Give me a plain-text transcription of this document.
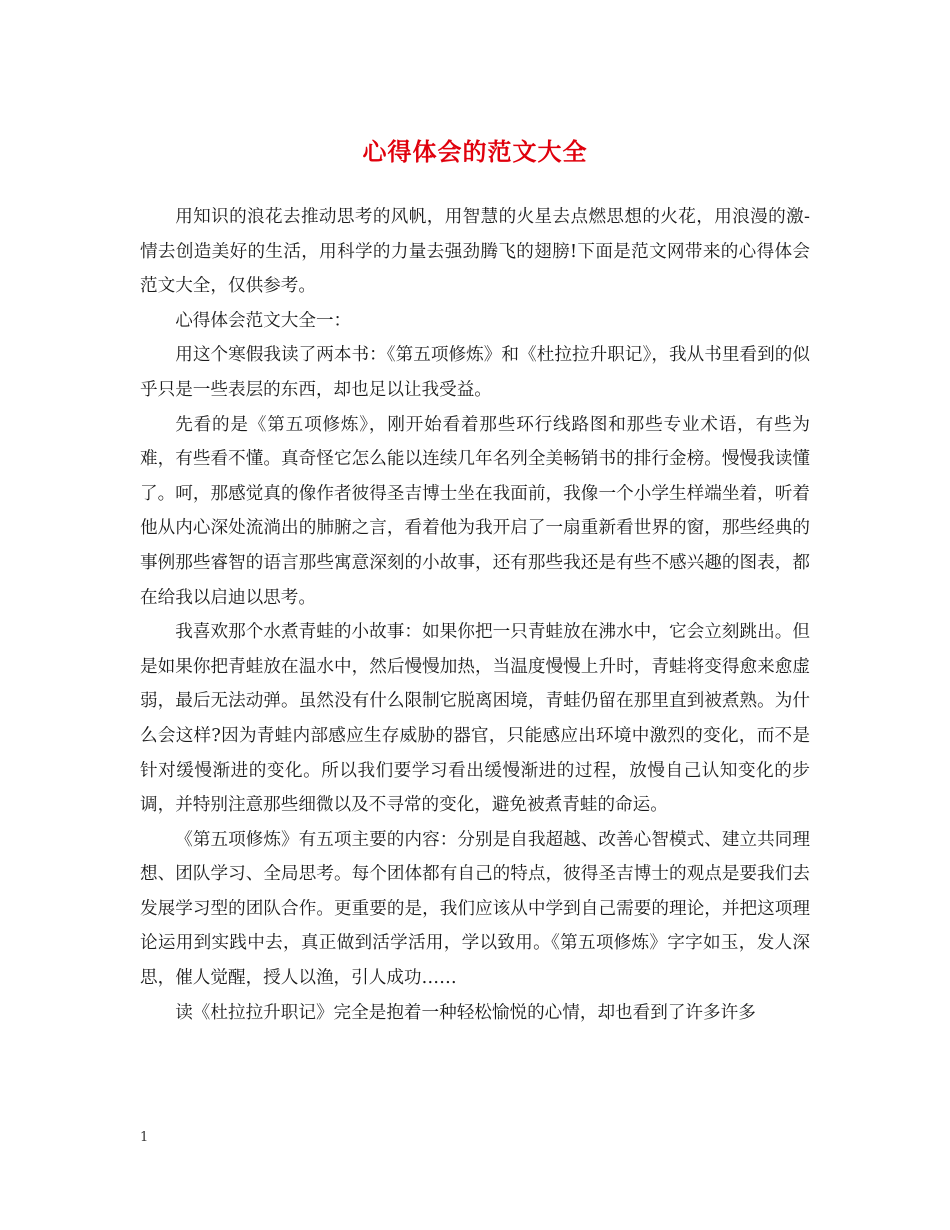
心得体会的范文大全

用知识的浪花去推动思考的风帆，用智慧的火星去点燃思想的火花，用浪漫的激-情去创造美好的生活，用科学的力量去强劲腾飞的翅膀!下面是范文网带来的心得体会范文大全，仅供参考。

心得体会范文大全一：

用这个寒假我读了两本书：《第五项修炼》和《杜拉拉升职记》，我从书里看到的似乎只是一些表层的东西，却也足以让我受益。

先看的是《第五项修炼》，刚开始看着那些环行线路图和那些专业术语，有些为难，有些看不懂。真奇怪它怎么能以连续几年名列全美畅销书的排行金榜。慢慢我读懂了。呵，那感觉真的像作者彼得圣吉博士坐在我面前，我像一个小学生样端坐着，听着他从内心深处流淌出的肺腑之言，看着他为我开启了一扇重新看世界的窗，那些经典的事例那些睿智的语言那些寓意深刻的小故事，还有那些我还是有些不感兴趣的图表，都在给我以启迪以思考。

我喜欢那个水煮青蛙的小故事：如果你把一只青蛙放在沸水中，它会立刻跳出。但是如果你把青蛙放在温水中，然后慢慢加热，当温度慢慢上升时，青蛙将变得愈来愈虚弱，最后无法动弹。虽然没有什么限制它脱离困境，青蛙仍留在那里直到被煮熟。为什么会这样?因为青蛙内部感应生存威胁的器官，只能感应出环境中激烈的变化，而不是针对缓慢渐进的变化。所以我们要学习看出缓慢渐进的过程，放慢自己认知变化的步调，并特别注意那些细微以及不寻常的变化，避免被煮青蛙的命运。

《第五项修炼》有五项主要的内容：分别是自我超越、改善心智模式、建立共同理想、团队学习、全局思考。每个团体都有自己的特点，彼得圣吉博士的观点是要我们去发展学习型的团队合作。更重要的是，我们应该从中学到自己需要的理论，并把这项理论运用到实践中去，真正做到活学活用，学以致用。《第五项修炼》字字如玉，发人深思，催人觉醒，授人以渔，引人成功……

读《杜拉拉升职记》完全是抱着一种轻松愉悦的心情，却也看到了许多许多

1
